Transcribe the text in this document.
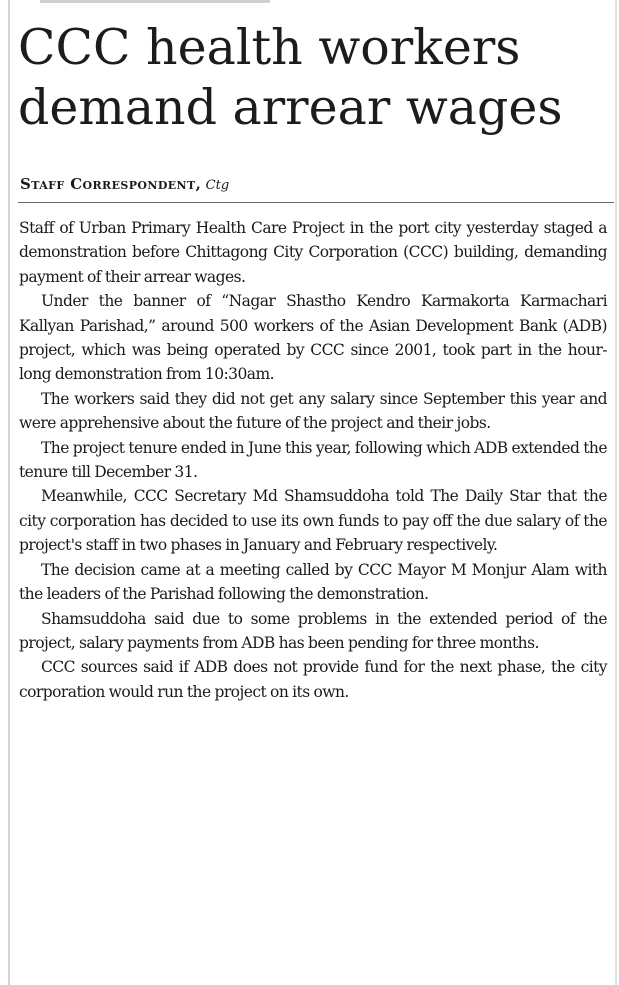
CCC health workers
demand arrear wages

Staff Correspondent, Ctg

Staff of Urban Primary Health Care Project in the port city yesterday staged a demonstration before Chittagong City Corporation (CCC) building, demanding payment of their arrear wages.

Under the banner of “Nagar Shastho Kendro Karmakorta Karmachari Kallyan Parishad,” around 500 workers of the Asian Development Bank (ADB) project, which was being operated by CCC since 2001, took part in the hour-long demonstration from 10:30am.

The workers said they did not get any salary since September this year and were apprehensive about the future of the project and their jobs.

The project tenure ended in June this year, following which ADB extended the tenure till December 31.

Meanwhile, CCC Secretary Md Shamsuddoha told The Daily Star that the city corporation has decided to use its own funds to pay off the due salary of the project's staff in two phases in January and February respectively.

The decision came at a meeting called by CCC Mayor M Monjur Alam with the leaders of the Parishad following the demonstration.

Shamsuddoha said due to some problems in the extended period of the project, salary payments from ADB has been pending for three months.

CCC sources said if ADB does not provide fund for the next phase, the city corporation would run the project on its own.
